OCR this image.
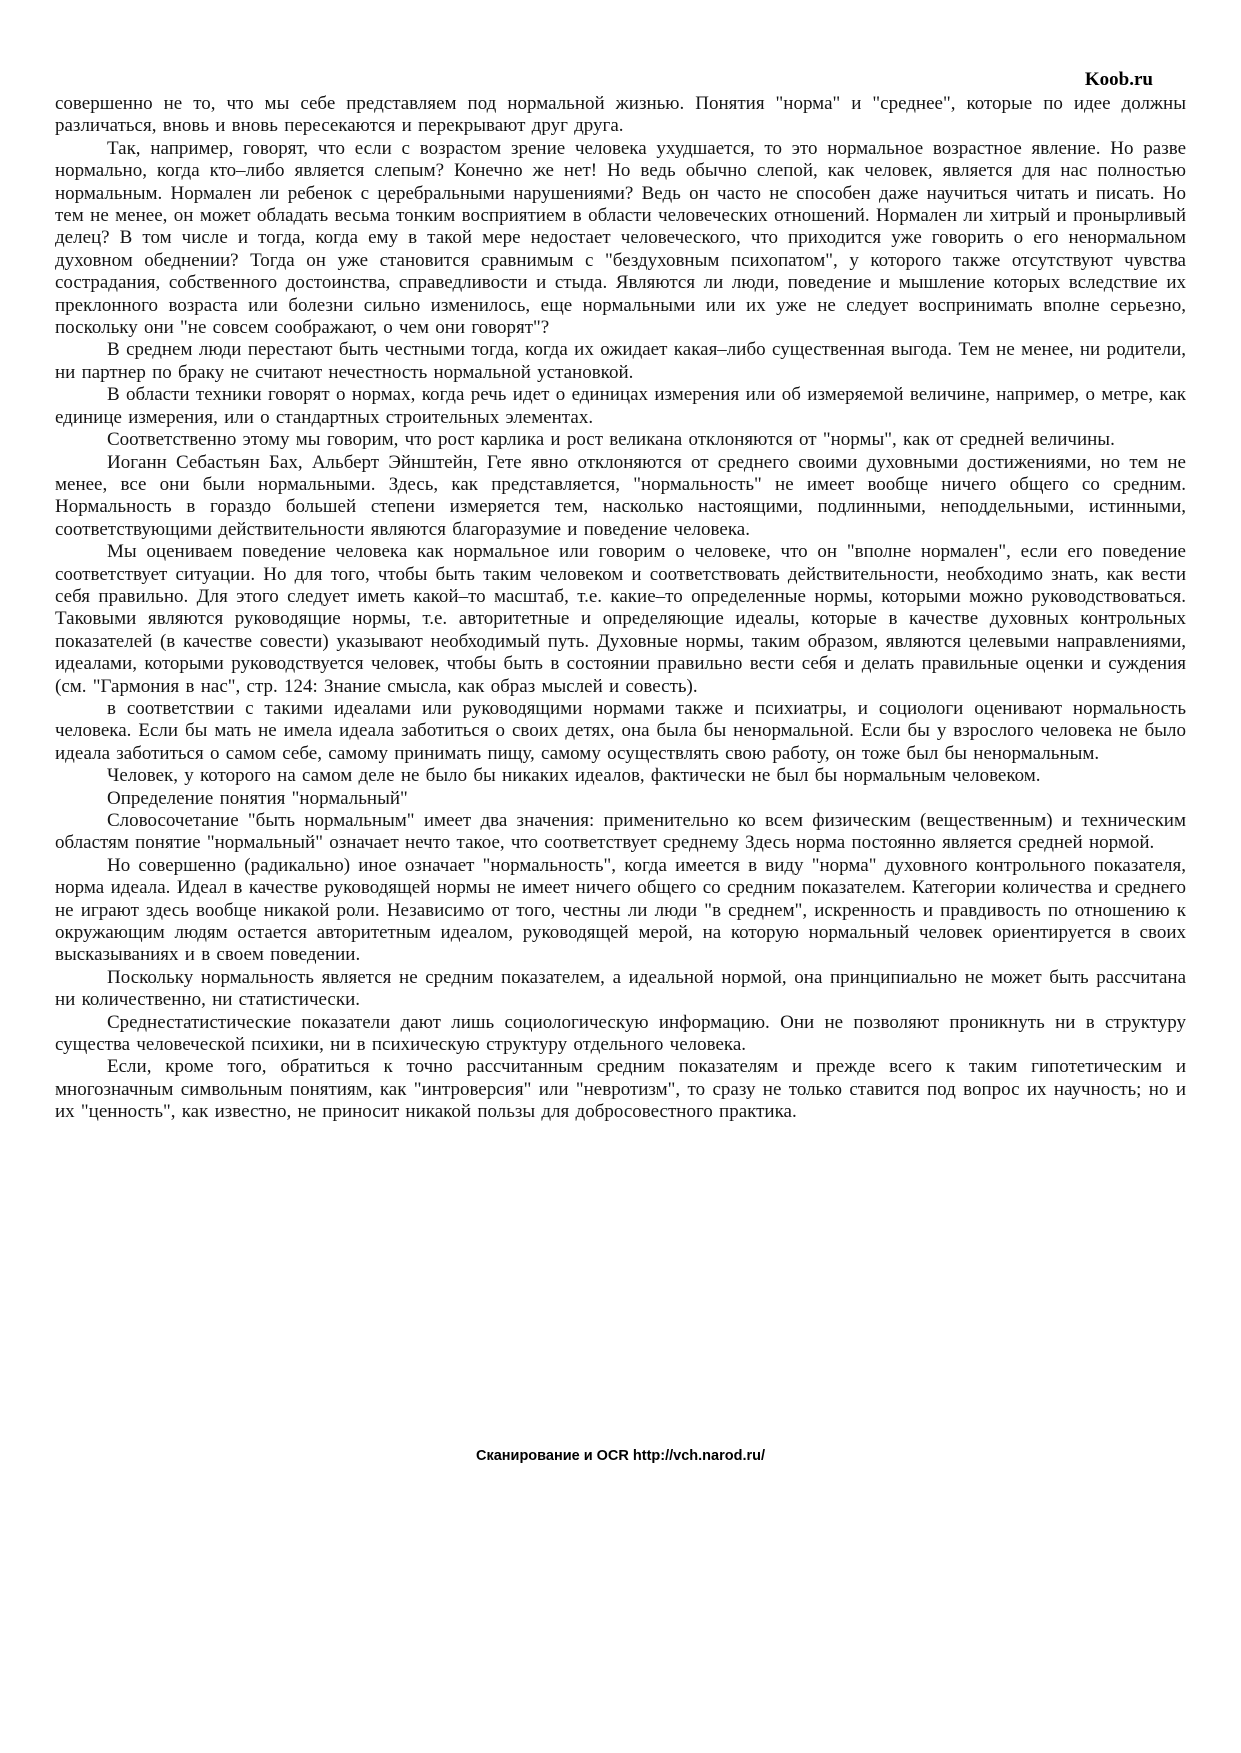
Koob.ru

совершенно не то, что мы себе представляем под нормальной жизнью. Понятия "норма" и "среднее", которые по идее должны различаться, вновь и вновь пересекаются и перекрывают друг друга.

Так, например, говорят, что если с возрастом зрение человека ухудшается, то это нормальное возрастное явление. Но разве нормально, когда кто–либо является слепым? Конечно же нет! Но ведь обычно слепой, как человек, является для нас полностью нормальным. Нормален ли ребенок с церебральными нарушениями? Ведь он часто не способен даже научиться читать и писать. Но тем не менее, он может обладать весьма тонким восприятием в области человеческих отношений. Нормален ли хитрый и пронырливый делец? В том числе и тогда, когда ему в такой мере недостает человеческого, что приходится уже говорить о его ненормальном духовном обеднении? Тогда он уже становится сравнимым с "бездуховным психопатом", у которого также отсутствуют чувства сострадания, собственного достоинства, справедливости и стыда. Являются ли люди, поведение и мышление которых вследствие их преклонного возраста или болезни сильно изменилось, еще нормальными или их уже не следует воспринимать вполне серьезно, поскольку они "не совсем соображают, о чем они говорят"?

В среднем люди перестают быть честными тогда, когда их ожидает какая–либо существенная выгода. Тем не менее, ни родители, ни партнер по браку не считают нечестность нормальной установкой.

В области техники говорят о нормах, когда речь идет о единицах измерения или об измеряемой величине, например, о метре, как единице измерения, или о стандартных строительных элементах.

Соответственно этому мы говорим, что рост карлика и рост великана отклоняются от "нормы", как от средней величины.

Иоганн Себастьян Бах, Альберт Эйнштейн, Гете явно отклоняются от среднего своими духовными достижениями, но тем не менее, все они были нормальными. Здесь, как представляется, "нормальность" не имеет вообще ничего общего со средним. Нормальность в гораздо большей степени измеряется тем, насколько настоящими, подлинными, неподдельными, истинными, соответствующими действительности являются благоразумие и поведение человека.

Мы оцениваем поведение человека как нормальное или говорим о человеке, что он "вполне нормален", если его поведение соответствует ситуации. Но для того, чтобы быть таким человеком и соответствовать действительности, необходимо знать, как вести себя правильно. Для этого следует иметь какой–то масштаб, т.е. какие–то определенные нормы, которыми можно руководствоваться. Таковыми являются руководящие нормы, т.е. авторитетные и определяющие идеалы, которые в качестве духовных контрольных показателей (в качестве совести) указывают необходимый путь. Духовные нормы, таким образом, являются целевыми направлениями, идеалами, которыми руководствуется человек, чтобы быть в состоянии правильно вести себя и делать правильные оценки и суждения (см. "Гармония в нас", стр. 124: Знание смысла, как образ мыслей и совесть).

в соответствии с такими идеалами или руководящими нормами также и психиатры, и социологи оценивают нормальность человека. Если бы мать не имела идеала заботиться о своих детях, она была бы ненормальной. Если бы у взрослого человека не было идеала заботиться о самом себе, самому принимать пищу, самому осуществлять свою работу, он тоже был бы ненормальным.

Человек, у которого на самом деле не было бы никаких идеалов, фактически не был бы нормальным человеком.

Определение понятия "нормальный"

Словосочетание "быть нормальным" имеет два значения: применительно ко всем физическим (вещественным) и техническим областям понятие "нормальный" означает нечто такое, что соответствует среднему Здесь норма постоянно является средней нормой.

Но совершенно (радикально) иное означает "нормальность", когда имеется в виду "норма" духовного контрольного показателя, норма идеала. Идеал в качестве руководящей нормы не имеет ничего общего со средним показателем. Категории количества и среднего не играют здесь вообще никакой роли. Независимо от того, честны ли люди "в среднем", искренность и правдивость по отношению к окружающим людям остается авторитетным идеалом, руководящей мерой, на которую нормальный человек ориентируется в своих высказываниях и в своем поведении.

Поскольку нормальность является не средним показателем, а идеальной нормой, она принципиально не может быть рассчитана ни количественно, ни статистически.

Среднестатистические показатели дают лишь социологическую информацию. Они не позволяют проникнуть ни в структуру существа человеческой психики, ни в психическую структуру отдельного человека.

Если, кроме того, обратиться к точно рассчитанным средним показателям и прежде всего к таким гипотетическим и многозначным символьным понятиям, как "интроверсия" или "невротизм", то сразу не только ставится под вопрос их научность; но и их "ценность", как известно, не приносит никакой пользы для добросовестного практика.

Сканирование и OCR http://vch.narod.ru/
